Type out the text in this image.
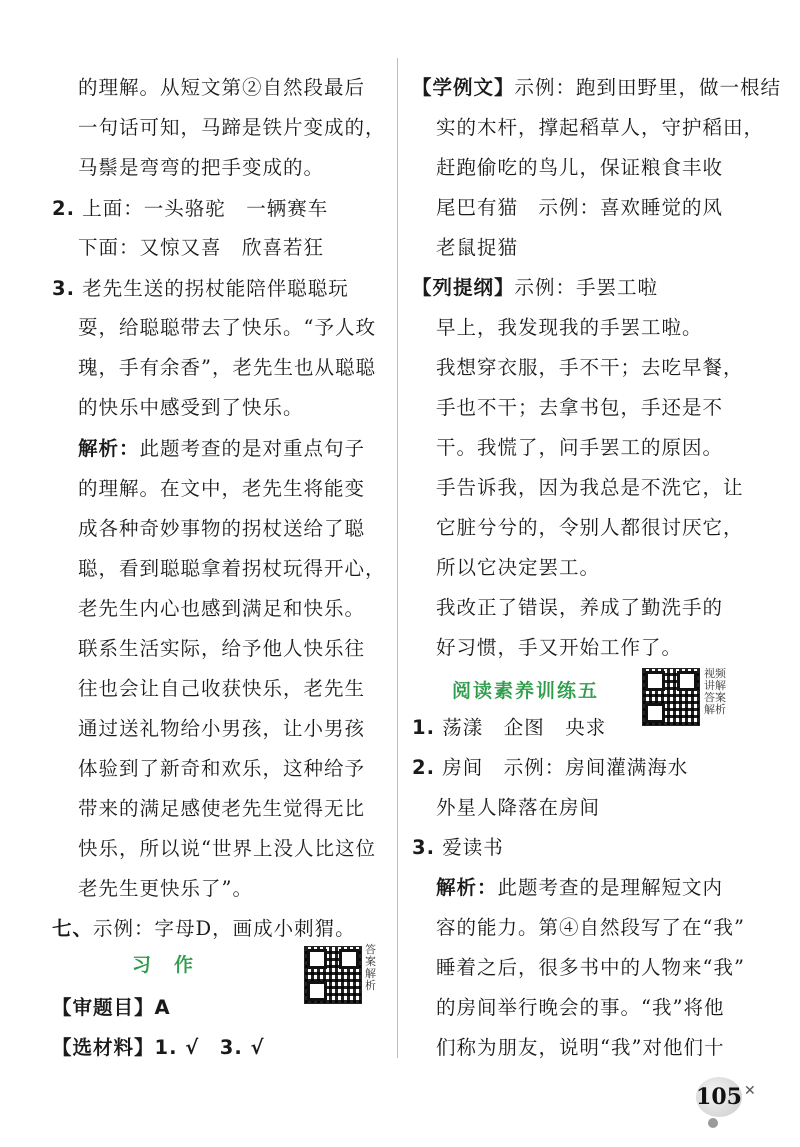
的理解。从短文第②自然段最后
一句话可知，马蹄是铁片变成的，
马鬃是弯弯的把手变成的。
2. 上面：一头骆驼　一辆赛车
下面：又惊又喜　欣喜若狂
3. 老先生送的拐杖能陪伴聪聪玩
耍，给聪聪带去了快乐。“予人玫
瑰，手有余香”，老先生也从聪聪
的快乐中感受到了快乐。
解析：此题考查的是对重点句子
的理解。在文中，老先生将能变
成各种奇妙事物的拐杖送给了聪
聪，看到聪聪拿着拐杖玩得开心，
老先生内心也感到满足和快乐。
联系生活实际，给予他人快乐往
往也会让自己收获快乐，老先生
通过送礼物给小男孩，让小男孩
体验到了新奇和欢乐，这种给予
带来的满足感使老先生觉得无比
快乐，所以说“世界上没人比这位
老先生更快乐了”。
七、示例：字母D，画成小刺猬。
习　作
答案解析
【审题目】A
【选材料】1. √　3. √
【学例文】示例：跑到田野里，做一根结
实的木杆，撑起稻草人，守护稻田，
赶跑偷吃的鸟儿，保证粮食丰收
尾巴有猫　示例：喜欢睡觉的风
老鼠捉猫
【列提纲】示例：手罢工啦
早上，我发现我的手罢工啦。
我想穿衣服，手不干；去吃早餐，
手也不干；去拿书包，手还是不
干。我慌了，问手罢工的原因。
手告诉我，因为我总是不洗它，让
它脏兮兮的，令别人都很讨厌它，
所以它决定罢工。
我改正了错误，养成了勤洗手的
好习惯，手又开始工作了。
阅读素养训练五
视频讲解答案解析
1. 荡漾　企图　央求
2. 房间　示例：房间灌满海水
外星人降落在房间
3. 爱读书
解析：此题考查的是理解短文内
容的能力。第④自然段写了在“我”
睡着之后，很多书中的人物来“我”
的房间举行晚会的事。“我”将他
们称为朋友，说明“我”对他们十
105 ✕
